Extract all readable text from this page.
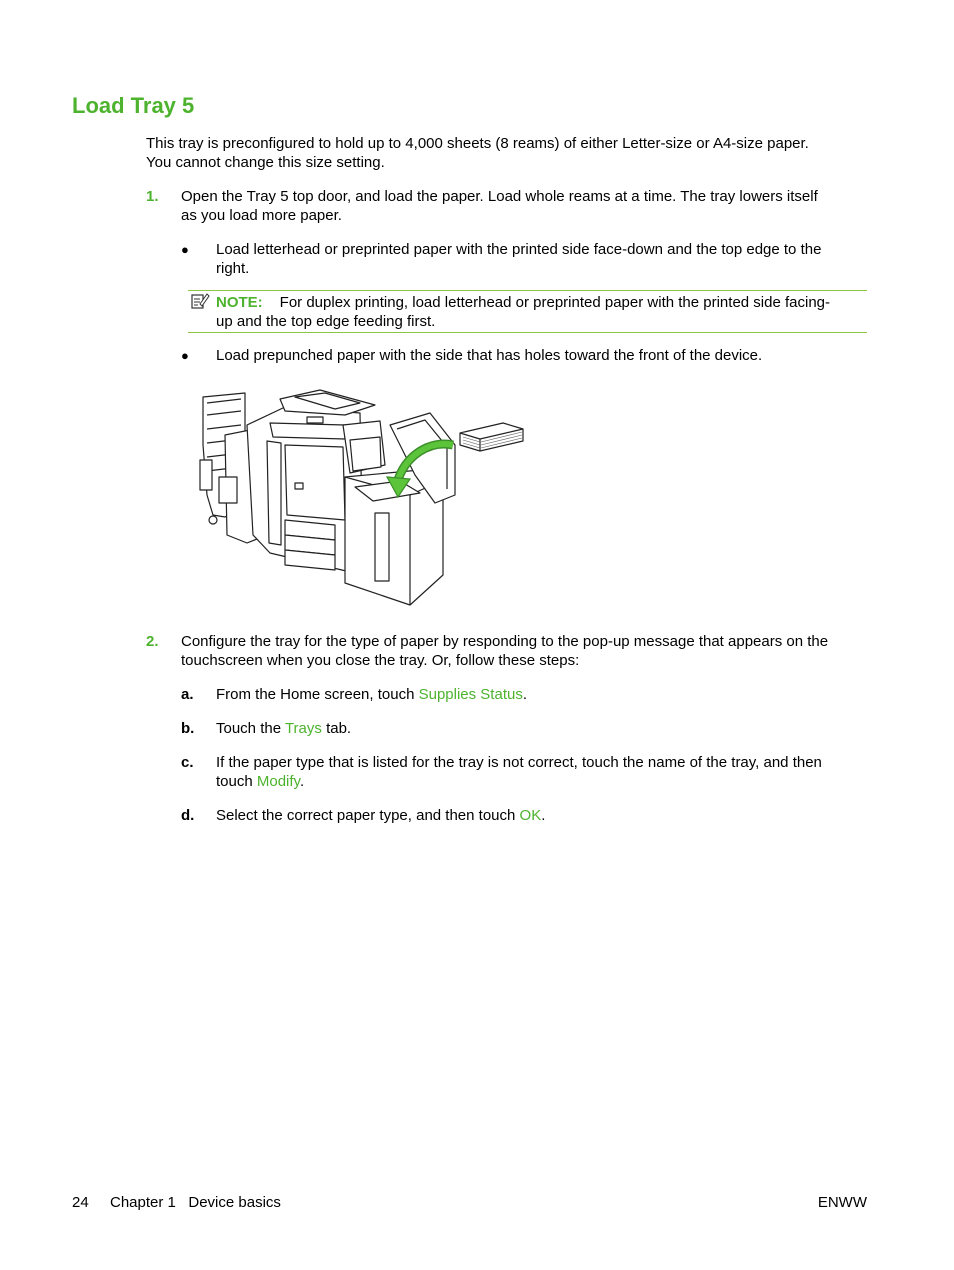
Load Tray 5
This tray is preconfigured to hold up to 4,000 sheets (8 reams) of either Letter-size or A4-size paper.
You cannot change this size setting.
1. Open the Tray 5 top door, and load the paper. Load whole reams at a time. The tray lowers itself
as you load more paper.
● Load letterhead or preprinted paper with the printed side face-down and the top edge to the
right.
NOTE: For duplex printing, load letterhead or preprinted paper with the printed side facing-
up and the top edge feeding first.
● Load prepunched paper with the side that has holes toward the front of the device.
2. Configure the tray for the type of paper by responding to the pop-up message that appears on the
touchscreen when you close the tray. Or, follow these steps:
a. From the Home screen, touch Supplies Status.
b. Touch the Trays tab.
c. If the paper type that is listed for the tray is not correct, touch the name of the tray, and then
touch Modify.
d. Select the correct paper type, and then touch OK.
24 Chapter 1   Device basics	ENWW
